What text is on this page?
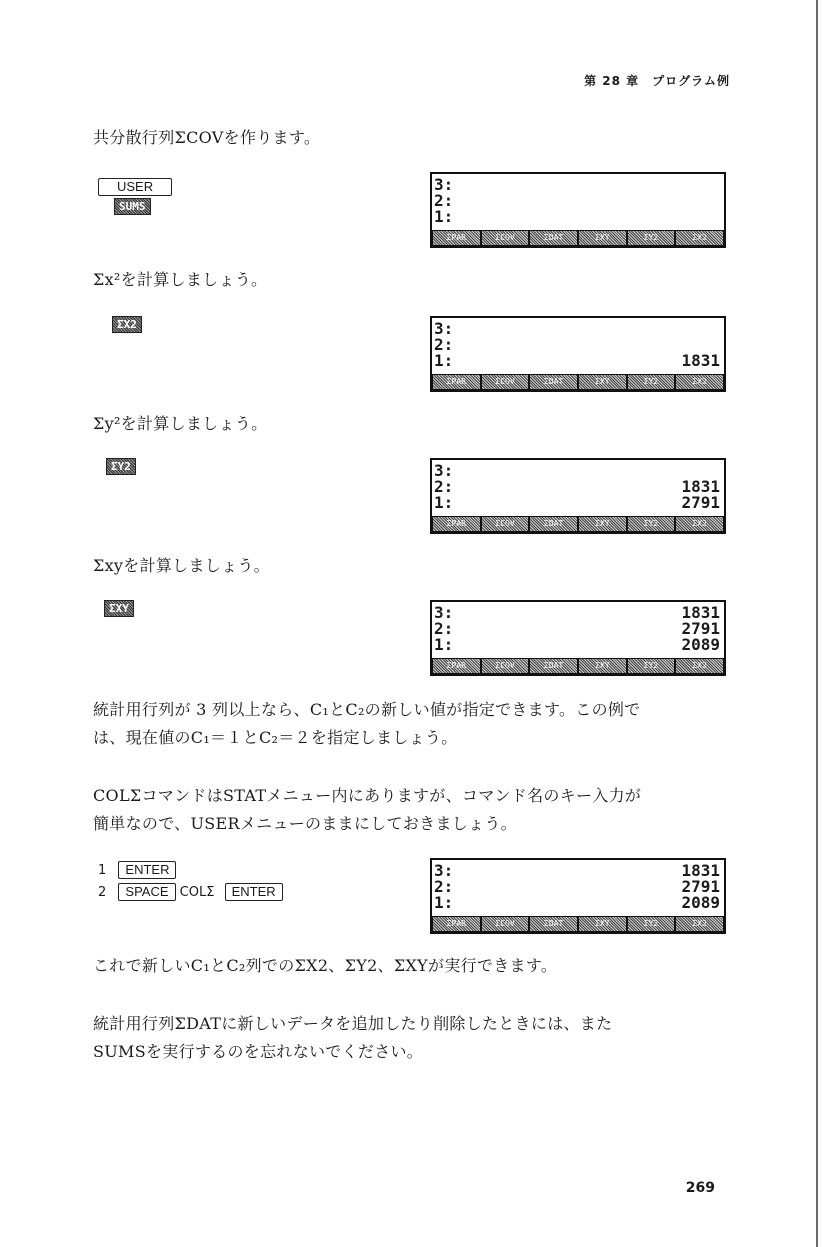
第 28 章　プログラム例
共分散行列ΣCOVを作ります。
USER
SUMS
3:
2:
1:
ΣPAR	ΣCOV	ΣDAT	ΣXY	ΣY2	ΣX2
Σx²を計算しましょう。
ΣX2	3:
2:
1:	1831
ΣPAR	ΣCOV	ΣDAT	ΣXY	ΣY2	ΣX2
Σy²を計算しましょう。
ΣY2	3:
2:	1831
1:	2791
ΣPAR	ΣCOV	ΣDAT	ΣXY	ΣY2	ΣX2
Σxyを計算しましょう。
ΣXY	3:	1831
2:	2791
1:	2089
ΣPAR	ΣCOV	ΣDAT	ΣXY	ΣY2	ΣX2
統計用行列が 3 列以上なら、C₁とC₂の新しい値が指定できます。この例で
は、現在値のC₁＝１とC₂＝２を指定しましょう。
COLΣコマンドはSTATメニュー内にありますが、コマンド名のキー入力が
簡単なので、USERメニューのままにしておきましょう。
1 ENTER
2 SPACE COLΣ ENTER
3:	1831
2:	2791
1:	2089
ΣPAR	ΣCOV	ΣDAT	ΣXY	ΣY2	ΣX2
これで新しいC₁とC₂列でのΣX2、ΣY2、ΣXYが実行できます。
統計用行列ΣDATに新しいデータを追加したり削除したときには、また
SUMSを実行するのを忘れないでください。
269
